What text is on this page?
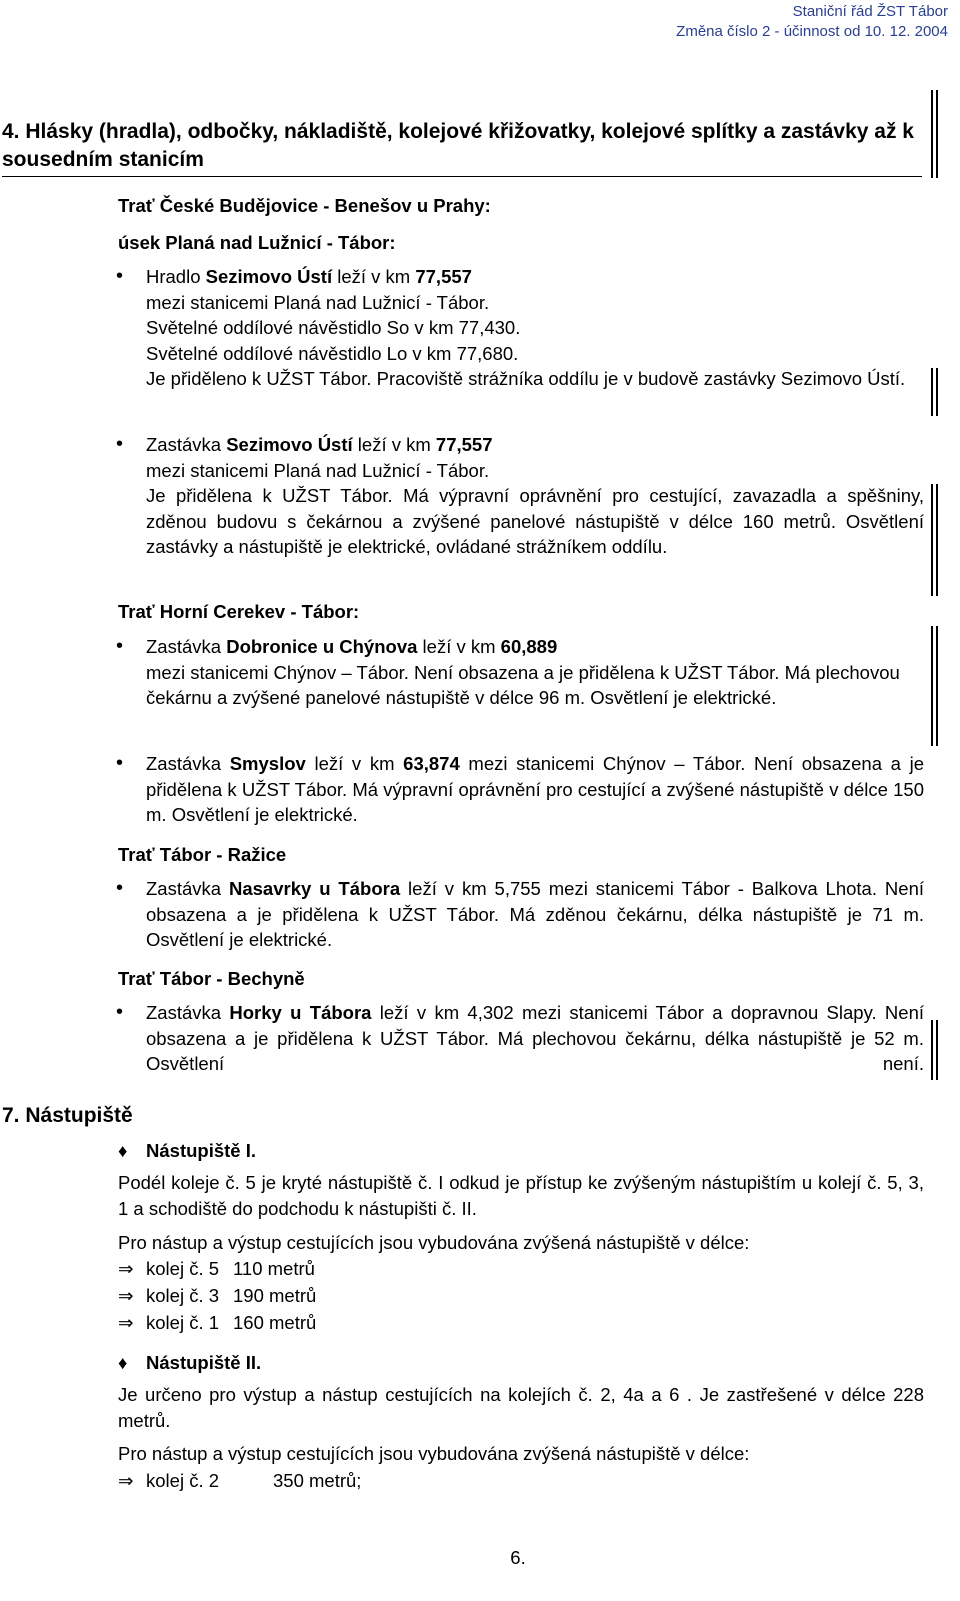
Staniční řád ŽST Tábor
Změna číslo 2 - účinnost od 10. 12. 2004
4. Hlásky (hradla), odbočky, nákladiště, kolejové křižovatky, kolejové splítky a zastávky až k sousedním stanicím
Trať České Budějovice - Benešov u Prahy:
úsek Planá nad Lužnicí - Tábor:
• Hradlo Sezimovo Ústí leží v km 77,557
mezi stanicemi Planá nad Lužnicí - Tábor.
Světelné oddílové návěstidlo So v km 77,430.
Světelné oddílové návěstidlo Lo v km 77,680.
Je přiděleno k UŽST Tábor. Pracoviště strážníka oddílu je v budově zastávky Sezimovo Ústí.
• Zastávka Sezimovo Ústí leží v km 77,557
mezi stanicemi Planá nad Lužnicí - Tábor.
Je přidělena k UŽST Tábor. Má výpravní oprávnění pro cestující, zavazadla a spěšniny, zděnou budovu s čekárnou a zvýšené panelové nástupiště v délce 160 metrů. Osvětlení zastávky a nástupiště je elektrické, ovládané strážníkem oddílu.
Trať Horní Cerekev - Tábor:
• Zastávka Dobronice u Chýnova leží v km 60,889
mezi stanicemi Chýnov – Tábor. Není obsazena a je přidělena k UŽST Tábor. Má plechovou čekárnu a zvýšené panelové nástupiště v délce 96 m. Osvětlení je elektrické.
• Zastávka Smyslov leží v km 63,874 mezi stanicemi Chýnov – Tábor. Není obsazena a je přidělena k UŽST Tábor. Má výpravní oprávnění pro cestující a zvýšené nástupiště v délce 150 m. Osvětlení je elektrické.
Trať Tábor - Ražice
• Zastávka Nasavrky u Tábora leží v km 5,755 mezi stanicemi Tábor - Balkova Lhota. Není obsazena a je přidělena k UŽST Tábor. Má zděnou čekárnu, délka nástupiště je 71 m. Osvětlení je elektrické.
Trať Tábor - Bechyně
• Zastávka Horky u Tábora leží v km 4,302 mezi stanicemi Tábor a dopravnou Slapy. Není obsazena a je přidělena k UŽST Tábor. Má plechovou čekárnu, délka nástupiště je 52 m. Osvětlení není.
7. Nástupiště
♦ Nástupiště I.
Podél koleje č. 5 je kryté nástupiště č. I odkud je přístup ke zvýšeným nástupištím u kolejí č. 5, 3, 1 a schodiště do podchodu k nástupišti č. II.
Pro nástup a výstup cestujících jsou vybudována zvýšená nástupiště v délce:
⇒ kolej č. 5 110 metrů
⇒ kolej č. 3 190 metrů
⇒ kolej č. 1 160 metrů
♦ Nástupiště II.
Je určeno pro výstup a nástup cestujících na kolejích č. 2, 4a a 6 . Je zastřešené v délce 228 metrů.
Pro nástup a výstup cestujících jsou vybudována zvýšená nástupiště v délce:
⇒ kolej č. 2	350 metrů;
6.
